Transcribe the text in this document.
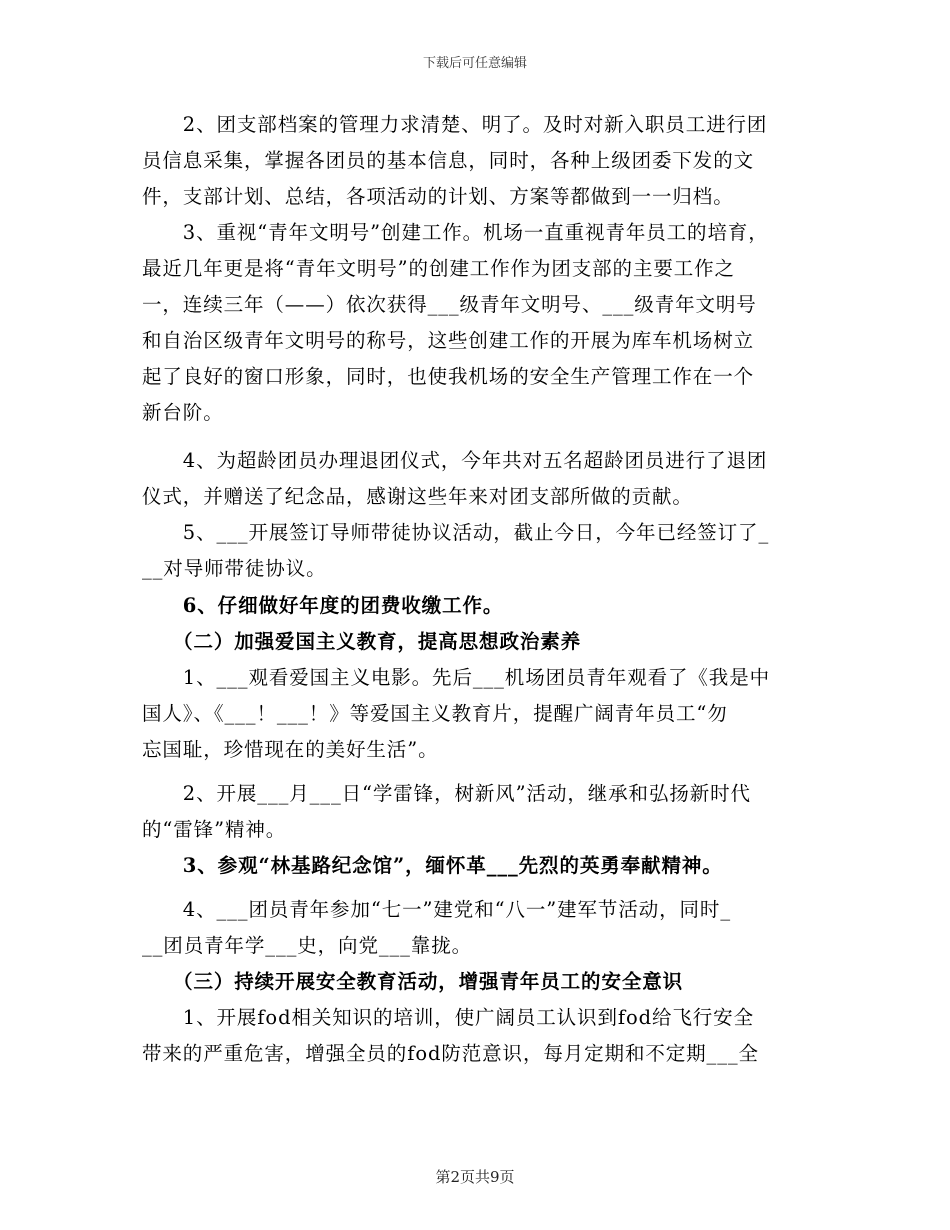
下载后可任意编辑
　　2、团支部档案的管理力求清楚、明了。及时对新入职员工进行团
员信息采集，掌握各团员的基本信息，同时，各种上级团委下发的文
件，支部计划、总结，各项活动的计划、方案等都做到一一归档。
　　3、重视“青年文明号”创建工作。机场一直重视青年员工的培育，
最近几年更是将“青年文明号”的创建工作作为团支部的主要工作之
一，连续三年（——）依次获得___级青年文明号、___级青年文明号
和自治区级青年文明号的称号，这些创建工作的开展为库车机场树立
起了良好的窗口形象，同时，也使我机场的安全生产管理工作在一个
新台阶。
　　4、为超龄团员办理退团仪式，今年共对五名超龄团员进行了退团
仪式，并赠送了纪念品，感谢这些年来对团支部所做的贡献。
　　5、___开展签订导师带徒协议活动，截止今日，今年已经签订了_
__对导师带徒协议。
　　6、仔细做好年度的团费收缴工作。
　　（二）加强爱国主义教育，提高思想政治素养
　　1、___观看爱国主义电影。先后___机场团员青年观看了《我是中
国人》、《___！___！》等爱国主义教育片，提醒广阔青年员工“勿
忘国耻，珍惜现在的美好生活”。
　　2、开展___月___日“学雷锋，树新风”活动，继承和弘扬新时代
的“雷锋”精神。
　　3、参观“林基路纪念馆”，缅怀革___先烈的英勇奉献精神。
　　4、___团员青年参加“七一”建党和“八一”建军节活动，同时_
__团员青年学___史，向党___靠拢。
　　（三）持续开展安全教育活动，增强青年员工的安全意识
　　1、开展fod相关知识的培训，使广阔员工认识到fod给飞行安全
带来的严重危害，增强全员的fod防范意识，每月定期和不定期___全
第2页共9页
